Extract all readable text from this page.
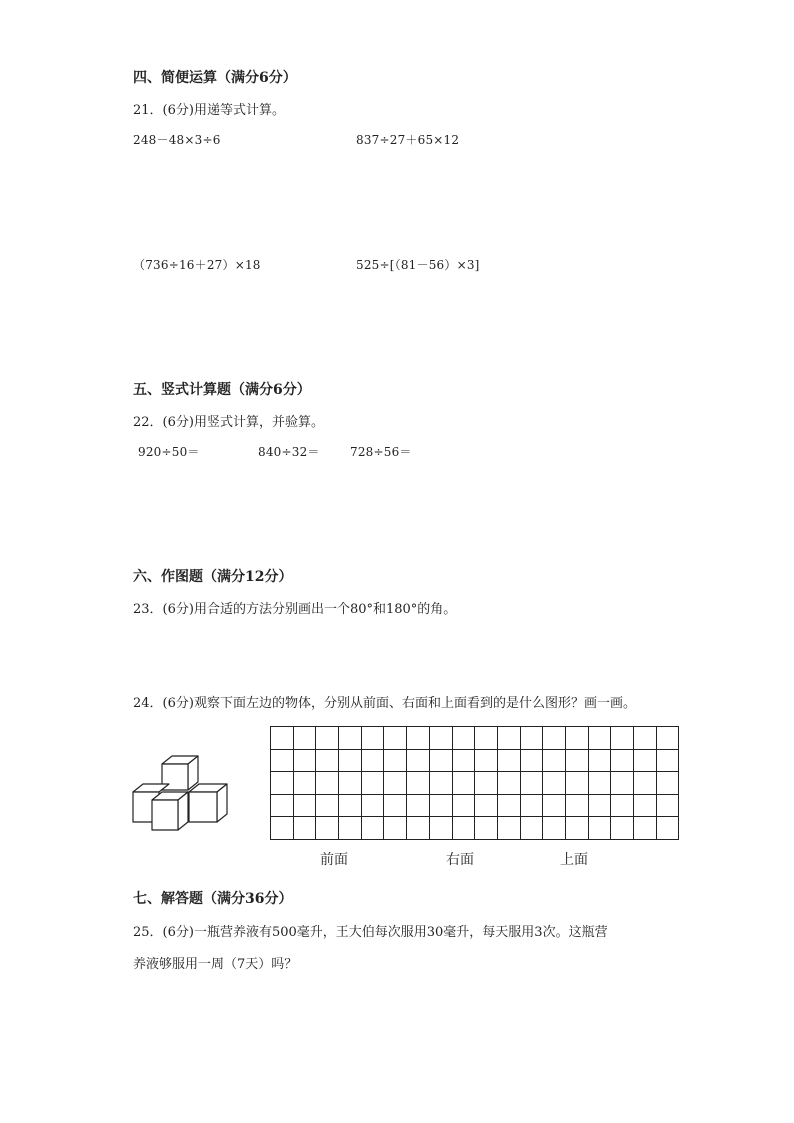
四、简便运算（满分6分）
21．(6分)用递等式计算。
248－48×3÷6	837÷27＋65×12
（736÷16＋27）×18	525÷[（81－56）×3]
五、竖式计算题（满分6分）
22．(6分)用竖式计算，并验算。
920÷50＝	840÷32＝	728÷56＝
六、作图题（满分12分）
23．(6分)用合适的方法分别画出一个80°和180°的角。
24．(6分)观察下面左边的物体，分别从前面、右面和上面看到的是什么图形？画一画。

前面	右面	上面
七、解答题（满分36分）
25．(6分)一瓶营养液有500毫升，王大伯每次服用30毫升，每天服用3次。这瓶营
养液够服用一周（7天）吗？
